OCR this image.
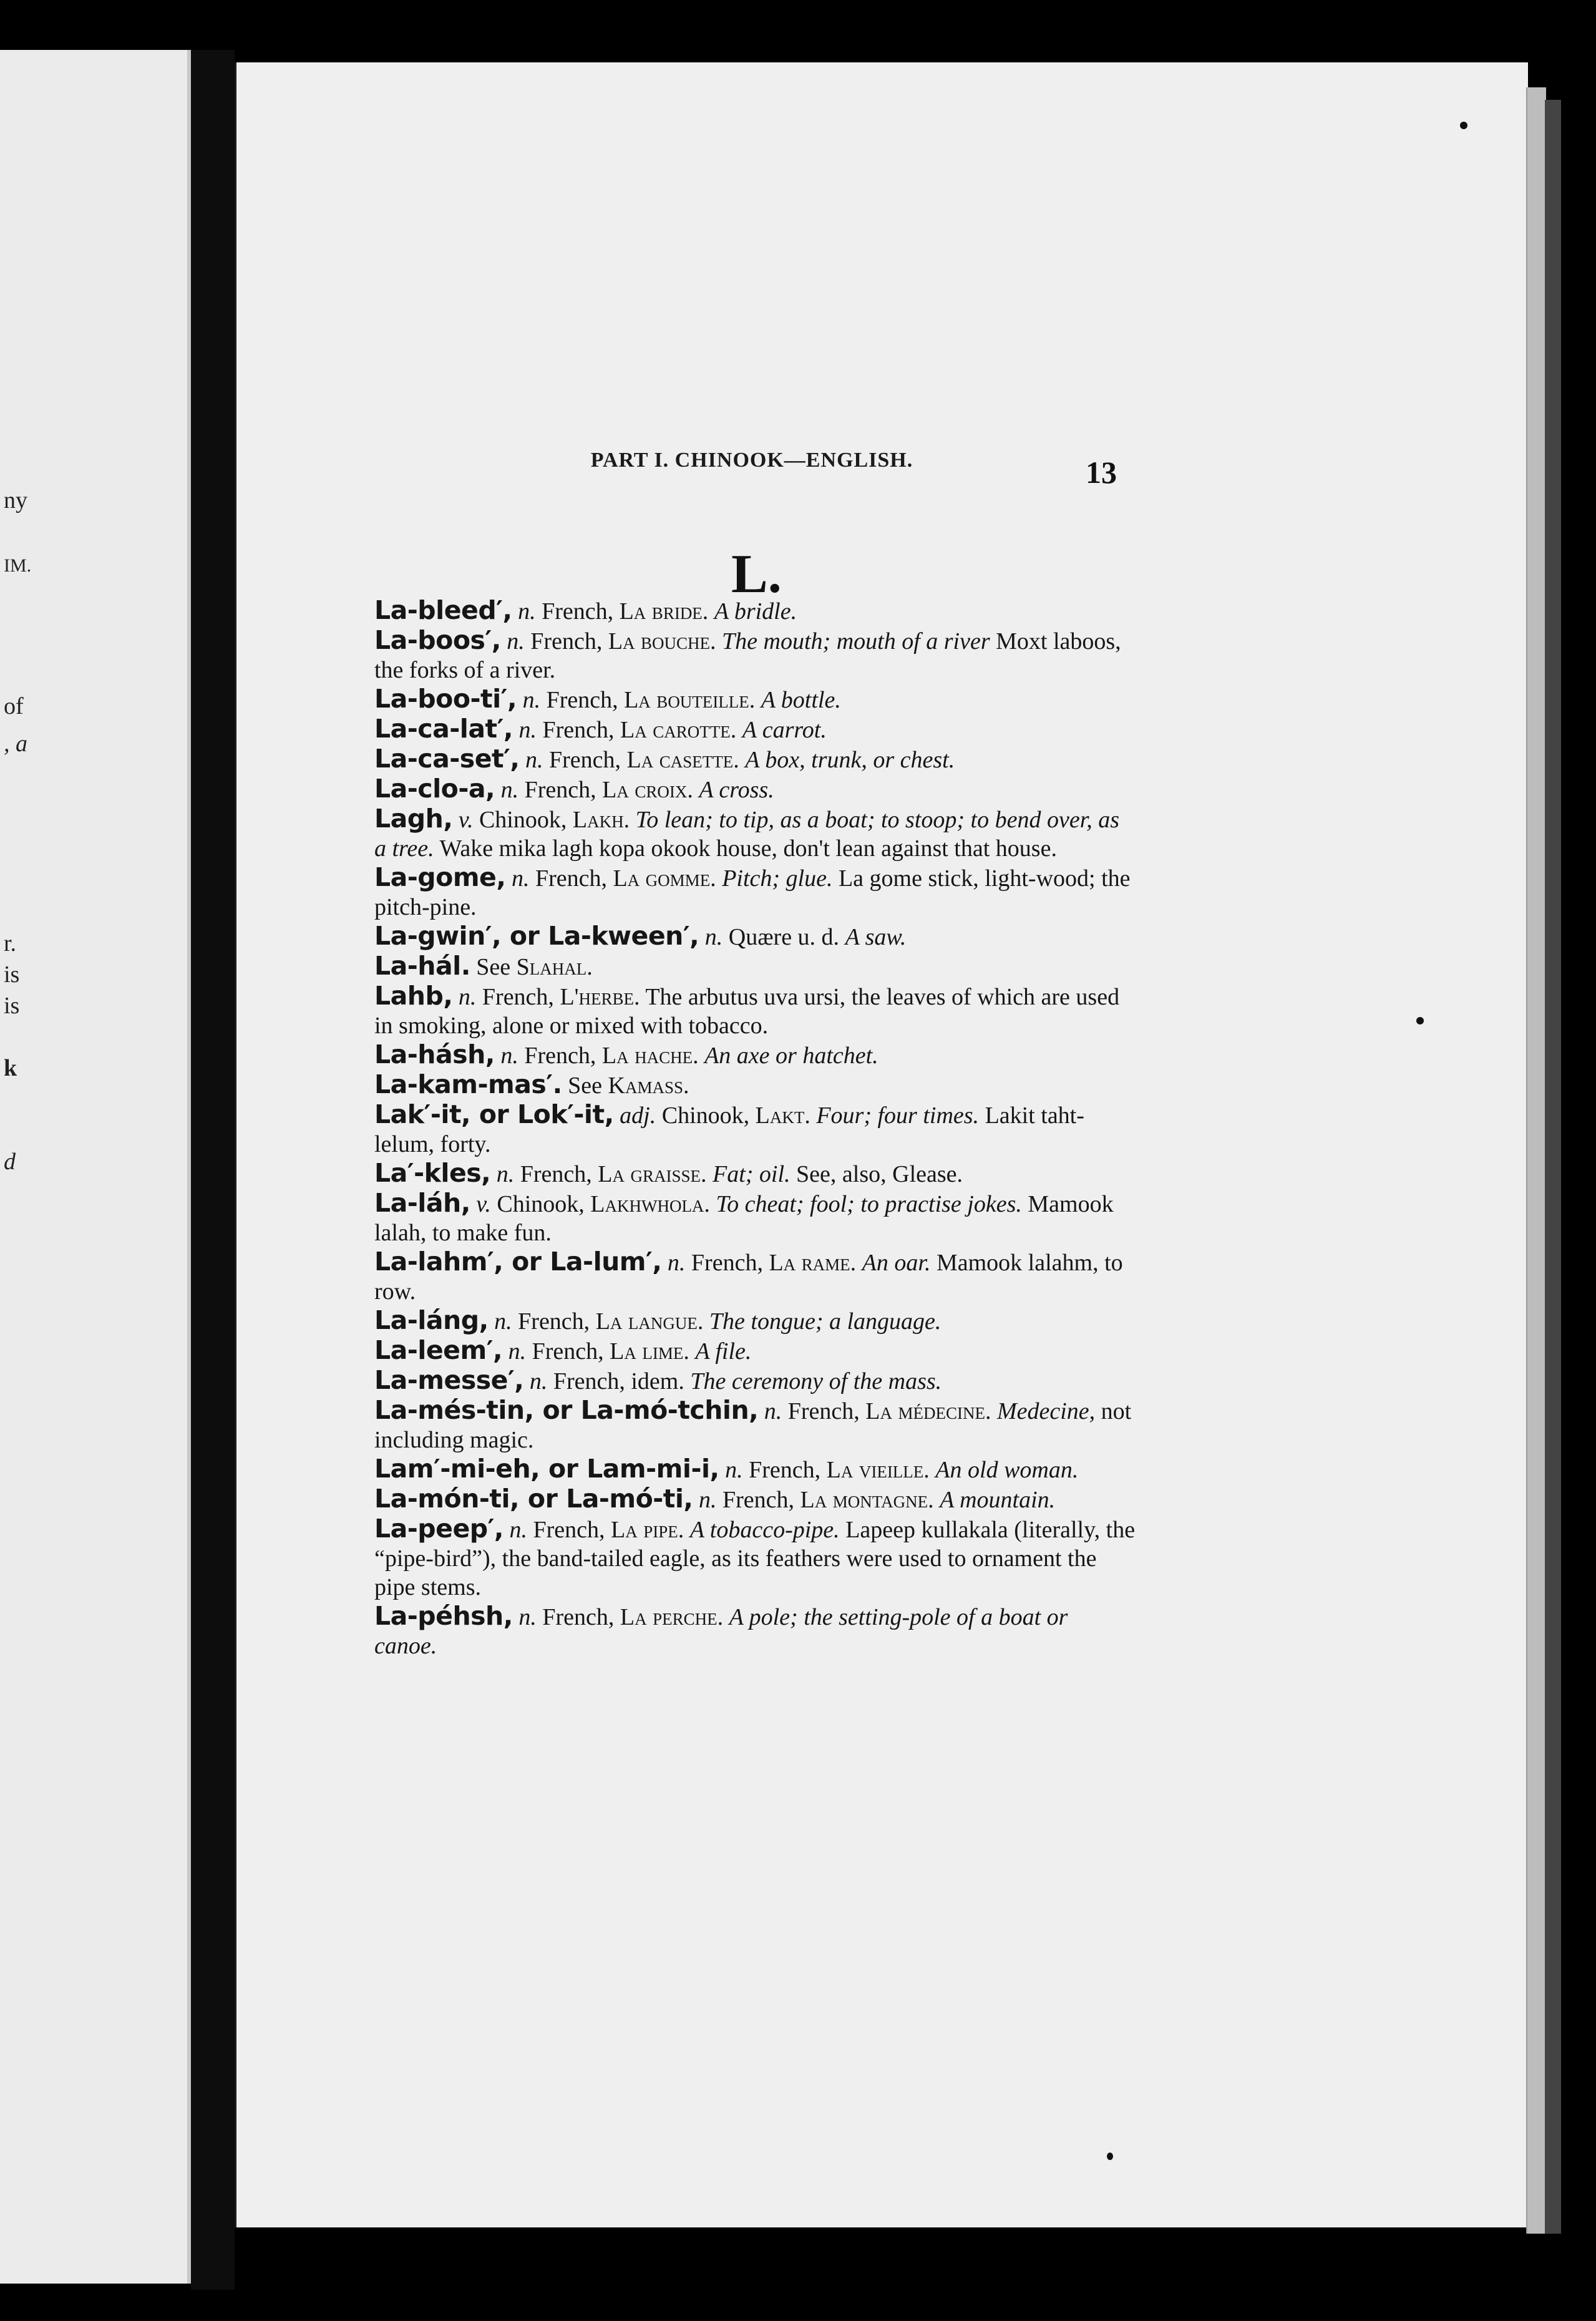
ny
IM.
of
, a
r.
is
is
k
d
PART I. CHINOOK—ENGLISH.	13
L.
La-bleed′, n. French, La bride. A bridle.
La-boos′, n. French, La bouche. The mouth; mouth of a river Moxt laboos, the forks of a river.
La-boo-ti′, n. French, La bouteille. A bottle.
La-ca-lat′, n. French, La carotte. A carrot.
La-ca-set′, n. French, La casette. A box, trunk, or chest.
La-clo-a, n. French, La croix. A cross.
Lagh, v. Chinook, Lakh. To lean; to tip, as a boat; to stoop; to bend over, as a tree. Wake mika lagh kopa okook house, don't lean against that house.
La-gome, n. French, La gomme. Pitch; glue. La gome stick, light-wood; the pitch-pine.
La-gwin′, or La-kween′, n. Quære u. d. A saw.
La-hál. See Slahal.
Lahb, n. French, L'herbe. The arbutus uva ursi, the leaves of which are used in smoking, alone or mixed with tobacco.
La-hásh, n. French, La hache. An axe or hatchet.
La-kam-mas′. See Kamass.
Lak′-it, or Lok′-it, adj. Chinook, Lakt. Four; four times. Lakit taht-lelum, forty.
La′-kles, n. French, La graisse. Fat; oil. See, also, Glease.
La-láh, v. Chinook, Lakhwhola. To cheat; fool; to practise jokes. Mamook lalah, to make fun.
La-lahm′, or La-lum′, n. French, La rame. An oar. Mamook lalahm, to row.
La-láng, n. French, La langue. The tongue; a language.
La-leem′, n. French, La lime. A file.
La-messe′, n. French, idem. The ceremony of the mass.
La-més-tin, or La-mó-tchin, n. French, La médecine. Medecine, not including magic.
Lam′-mi-eh, or Lam-mi-i, n. French, La vieille. An old woman.
La-món-ti, or La-mó-ti, n. French, La montagne. A mountain.
La-peep′, n. French, La pipe. A tobacco-pipe. Lapeep kullakala (literally, the “pipe-bird”), the band-tailed eagle, as its feathers were used to ornament the pipe stems.
La-péhsh, n. French, La perche. A pole; the setting-pole of a boat or canoe.
